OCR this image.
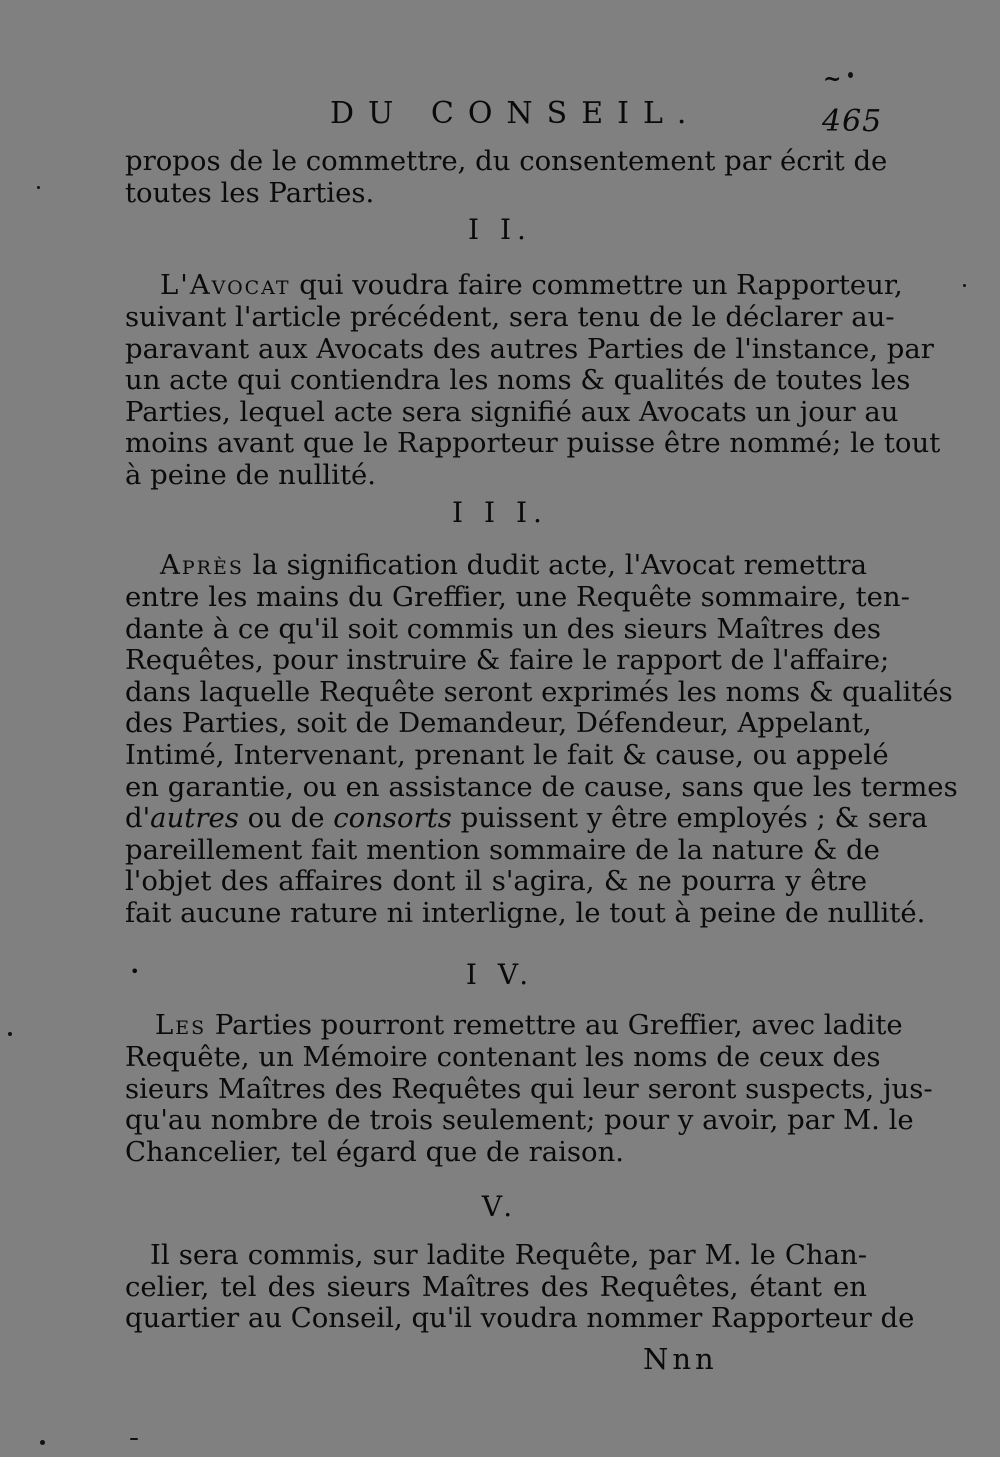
~
DU CONSEIL.	465
propos de le commettre, du consentement par écrit de
toutes les Parties.
I I.
L'Avocat qui voudra faire commettre un Rapporteur,
suivant l'article précédent, sera tenu de le déclarer au-
paravant aux Avocats des autres Parties de l'instance, par
un acte qui contiendra les noms & qualités de toutes les
Parties, lequel acte sera signifié aux Avocats un jour au
moins avant que le Rapporteur puisse être nommé; le tout
à peine de nullité.
I I I.
Après la signification dudit acte, l'Avocat remettra
entre les mains du Greffier, une Requête sommaire, ten-
dante à ce qu'il soit commis un des sieurs Maîtres des
Requêtes, pour instruire & faire le rapport de l'affaire;
dans laquelle Requête seront exprimés les noms & qualités
des Parties, soit de Demandeur, Défendeur, Appelant,
Intimé, Intervenant, prenant le fait & cause, ou appelé
en garantie, ou en assistance de cause, sans que les termes
d'autres ou de consorts puissent y être employés ; & sera
pareillement fait mention sommaire de la nature & de
l'objet des affaires dont il s'agira, & ne pourra y être
fait aucune rature ni interligne, le tout à peine de nullité.
•	I V.
Les Parties pourront remettre au Greffier, avec ladite
Requête, un Mémoire contenant les noms de ceux des
sieurs Maîtres des Requêtes qui leur seront suspects, jus-
qu'au nombre de trois seulement; pour y avoir, par M. le
Chancelier, tel égard que de raison.
V.
Il sera commis, sur ladite Requête, par M. le Chan-
celier, tel des sieurs Maîtres des Requêtes, étant en
quartier au Conseil, qu'il voudra nommer Rapporteur de
Nnn
